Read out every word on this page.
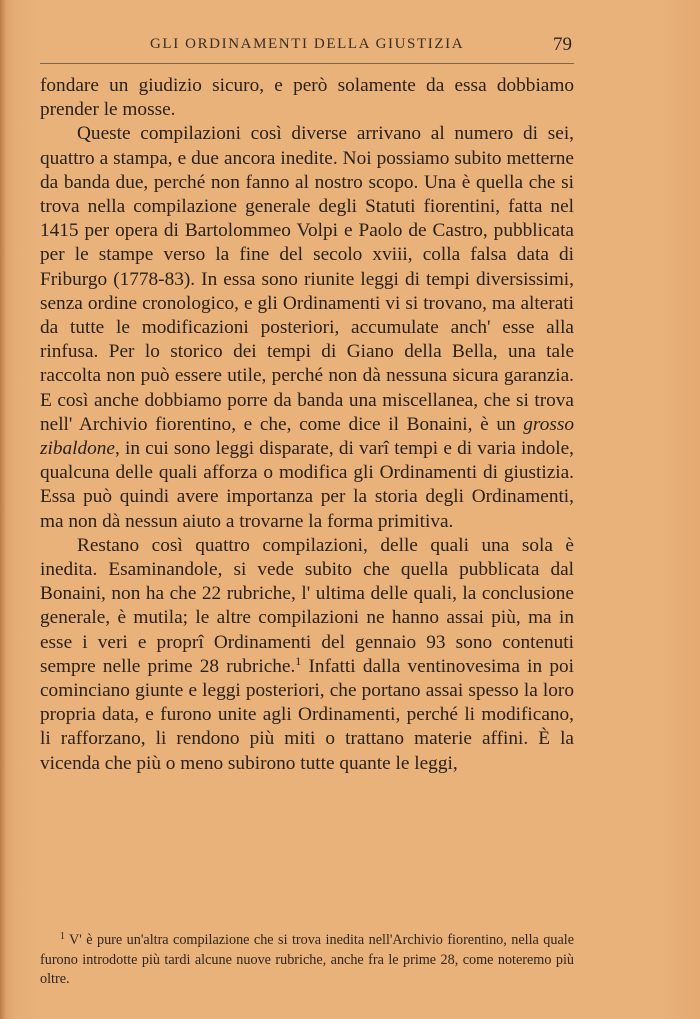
GLI ORDINAMENTI DELLA GIUSTIZIA	79

fondare un giudizio sicuro, e però solamente da essa dobbiamo prender le mosse.

Queste compilazioni così diverse arrivano al numero di sei, quattro a stampa, e due ancora inedite. Noi possiamo subito metterne da banda due, perché non fanno al nostro scopo. Una è quella che si trova nella compilazione generale degli Statuti fiorentini, fatta nel 1415 per opera di Bartolommeo Volpi e Paolo de Castro, pubblicata per le stampe verso la fine del secolo xviii, colla falsa data di Friburgo (1778-83). In essa sono riunite leggi di tempi diversissimi, senza ordine cronologico, e gli Ordinamenti vi si trovano, ma alterati da tutte le modificazioni posteriori, accumulate anch' esse alla rinfusa. Per lo storico dei tempi di Giano della Bella, una tale raccolta non può essere utile, perché non dà nessuna sicura garanzia. E così anche dobbiamo porre da banda una miscellanea, che si trova nell' Archivio fiorentino, e che, come dice il Bonaini, è un grosso zibaldone, in cui sono leggi disparate, di varî tempi e di varia indole, qualcuna delle quali afforza o modifica gli Ordinamenti di giustizia. Essa può quindi avere importanza per la storia degli Ordinamenti, ma non dà nessun aiuto a trovarne la forma primitiva.

Restano così quattro compilazioni, delle quali una sola è inedita. Esaminandole, si vede subito che quella pubblicata dal Bonaini, non ha che 22 rubriche, l' ultima delle quali, la conclusione generale, è mutila; le altre compilazioni ne hanno assai più, ma in esse i veri e proprî Ordinamenti del gennaio 93 sono contenuti sempre nelle prime 28 rubriche.$^1$ Infatti dalla ventinovesima in poi cominciano giunte e leggi posteriori, che portano assai spesso la loro propria data, e furono unite agli Ordinamenti, perché li modificano, li rafforzano, li rendono più miti o trattano materie affini. È la vicenda che più o meno subirono tutte quante le leggi,

$^1$ V' è pure un'altra compilazione che si trova inedita nell'Archivio fiorentino, nella quale furono introdotte più tardi alcune nuove rubriche, anche fra le prime 28, come noteremo più oltre.
